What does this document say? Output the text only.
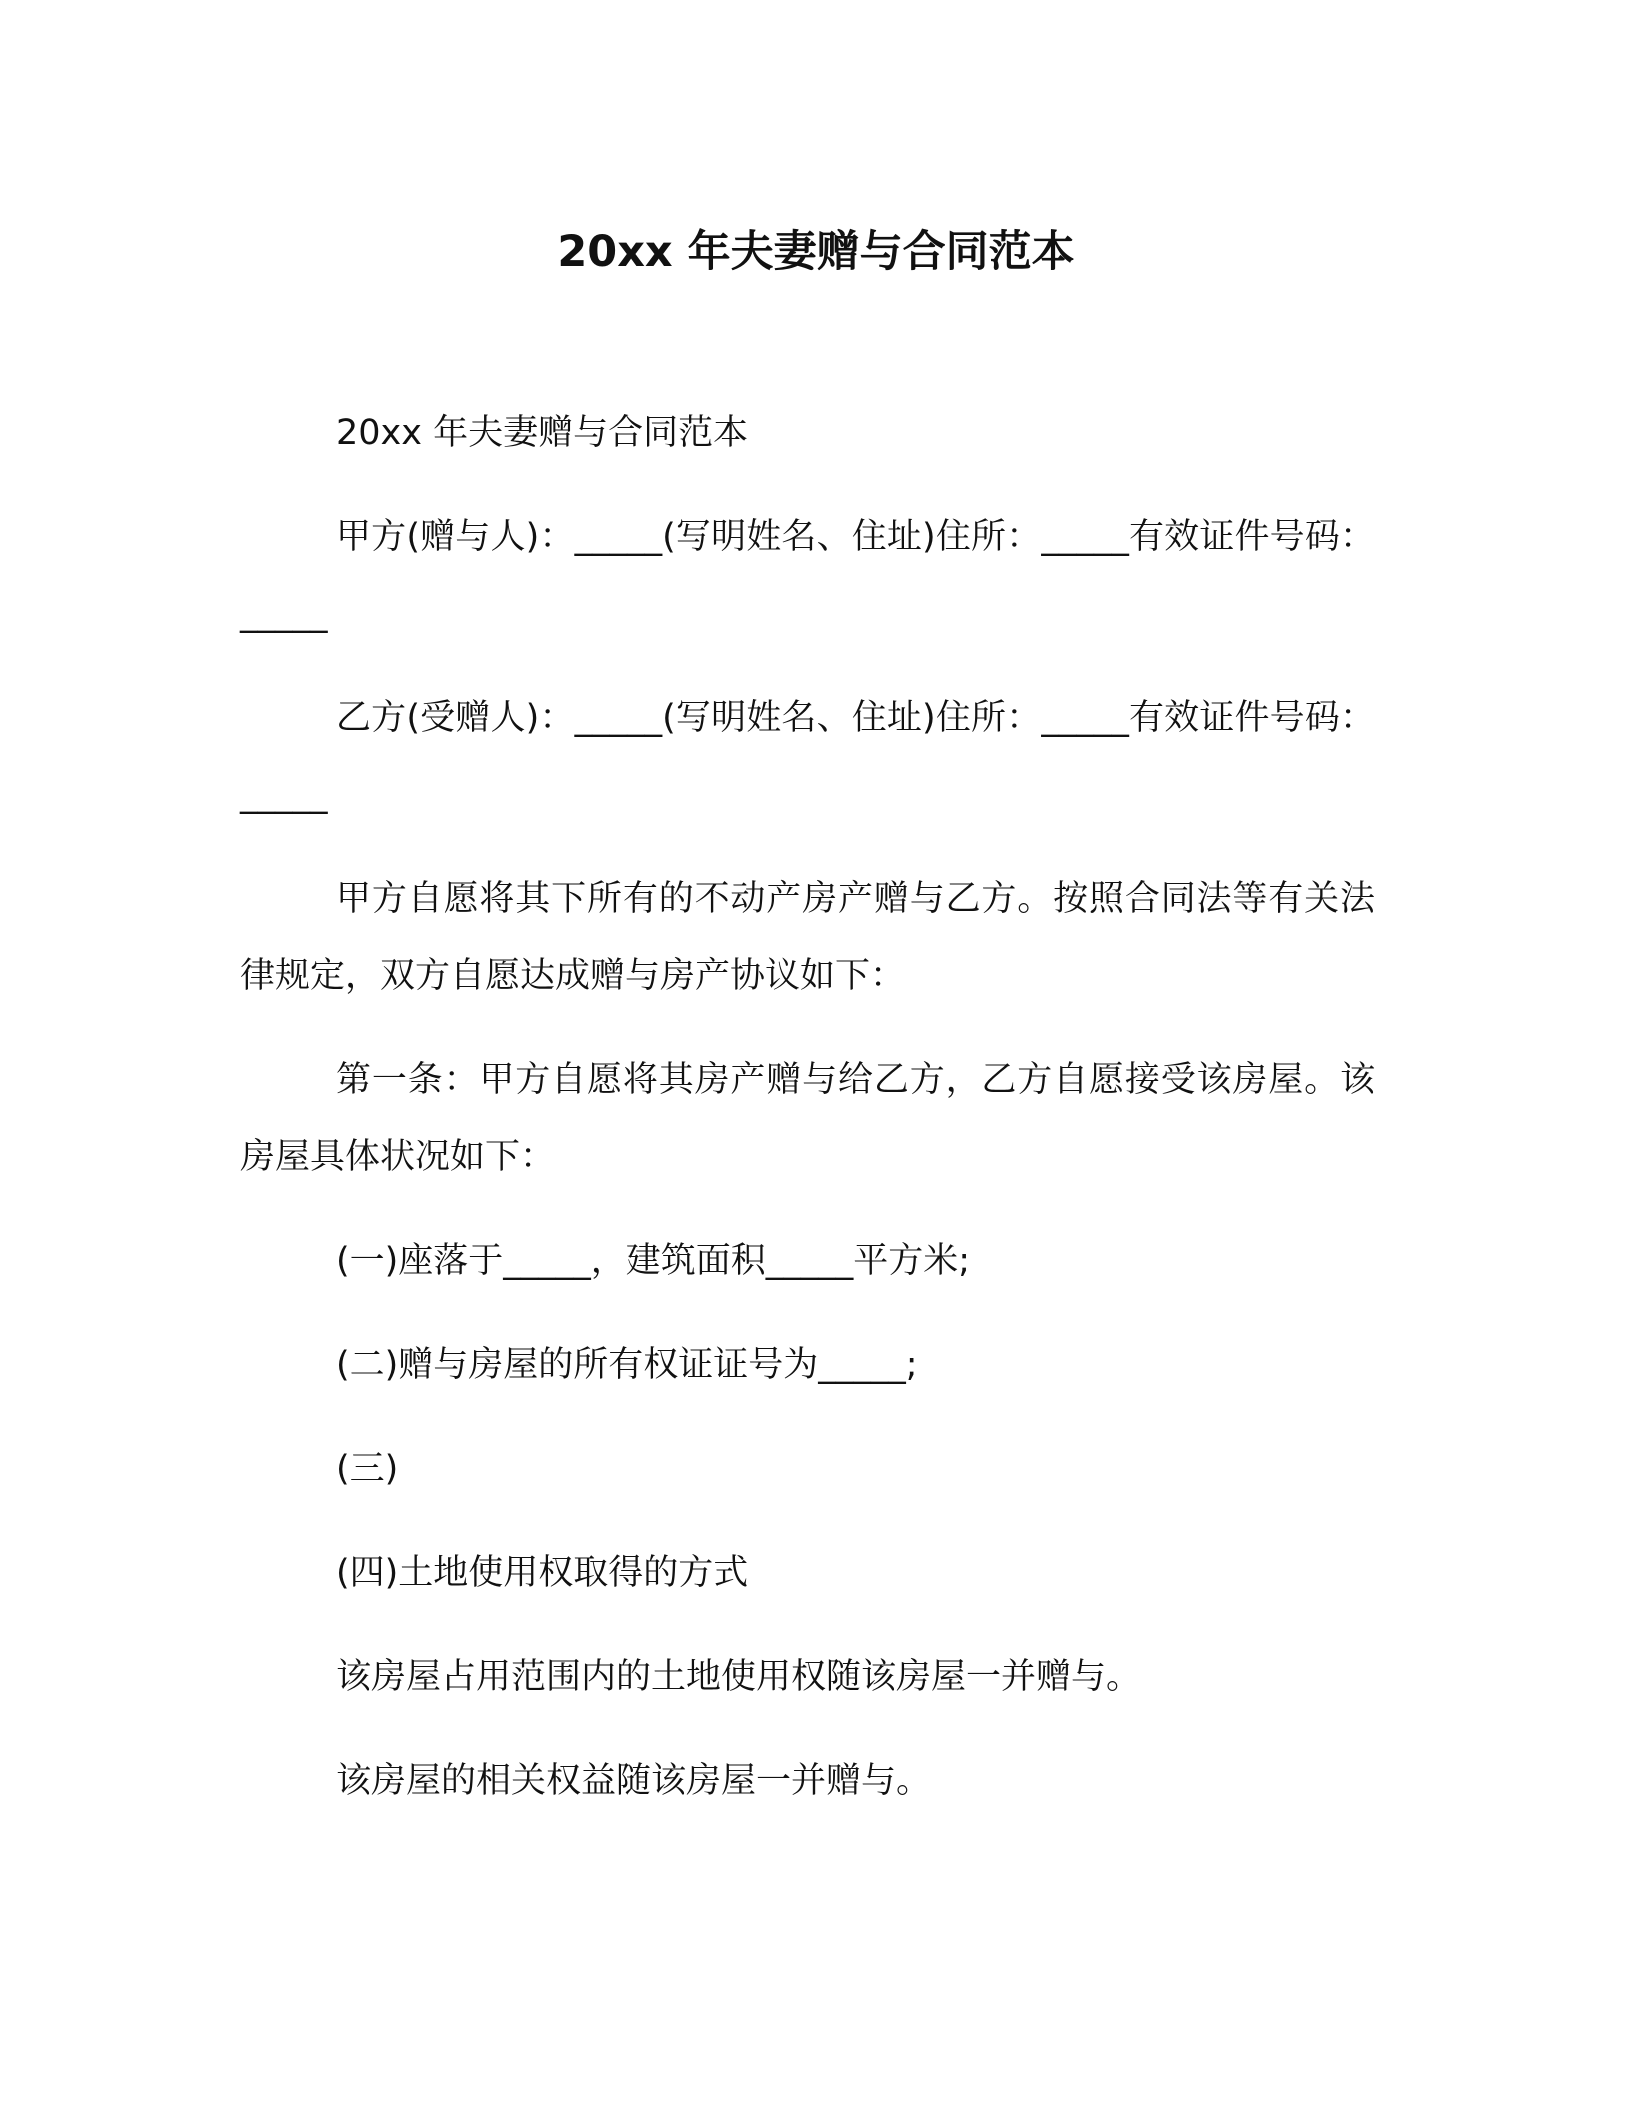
20xx 年夫妻赠与合同范本

20xx 年夫妻赠与合同范本

甲方(赠与人)：_____(写明姓名、住址)住所：_____有效证件号码：_____

乙方(受赠人)：_____(写明姓名、住址)住所：_____有效证件号码：_____

甲方自愿将其下所有的不动产房产赠与乙方。按照合同法等有关法律规定，双方自愿达成赠与房产协议如下：

第一条：甲方自愿将其房产赠与给乙方，乙方自愿接受该房屋。该房屋具体状况如下：

(一)座落于_____，建筑面积_____平方米;

(二)赠与房屋的所有权证证号为_____;

(三)

(四)土地使用权取得的方式

该房屋占用范围内的土地使用权随该房屋一并赠与。

该房屋的相关权益随该房屋一并赠与。
